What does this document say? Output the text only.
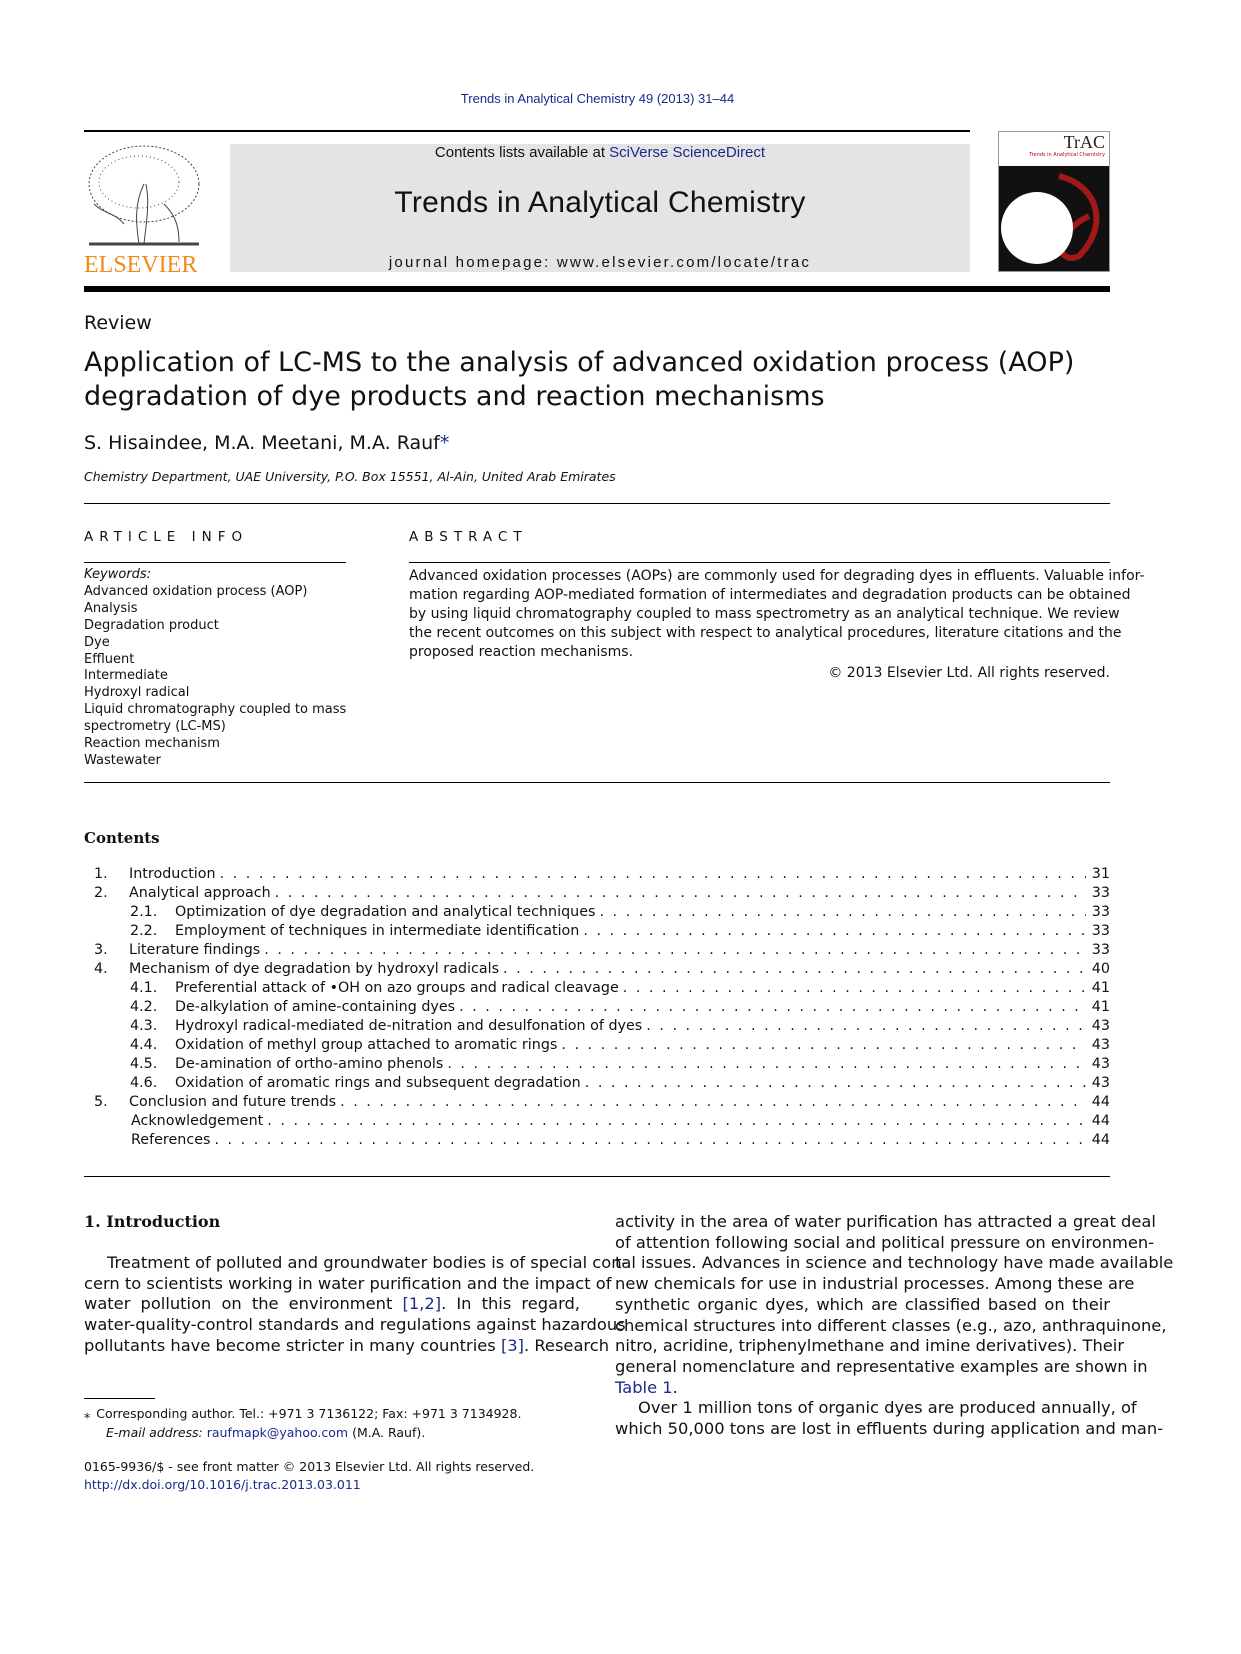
Trends in Analytical Chemistry 49 (2013) 31–44
ELSEVIER
Contents lists available at SciVerse ScienceDirect
Trends in Analytical Chemistry
journal homepage: www.elsevier.com/locate/trac
TrAC
Trends in Analytical Chemistry
Review
Application of LC-MS to the analysis of advanced oxidation process (AOP) degradation of dye products and reaction mechanisms
S. Hisaindee, M.A. Meetani, M.A. Rauf*
Chemistry Department, UAE University, P.O. Box 15551, Al-Ain, United Arab Emirates
ARTICLE INFO
Keywords:
Advanced oxidation process (AOP)
Analysis
Degradation product
Dye
Effluent
Intermediate
Hydroxyl radical
Liquid chromatography coupled to mass
spectrometry (LC-MS)
Reaction mechanism
Wastewater
ABSTRACT
Advanced oxidation processes (AOPs) are commonly used for degrading dyes in effluents. Valuable infor-
mation regarding AOP-mediated formation of intermediates and degradation products can be obtained
by using liquid chromatography coupled to mass spectrometry as an analytical technique. We review
the recent outcomes on this subject with respect to analytical procedures, literature citations and the
proposed reaction mechanisms.
© 2013 Elsevier Ltd. All rights reserved.
Contents
1.	Introduction . . .	31
2.	Analytical approach . . .	33
2.1.	Optimization of dye degradation and analytical techniques . . .	33
2.2.	Employment of techniques in intermediate identification . . .	33
3.	Literature findings . . .	33
4.	Mechanism of dye degradation by hydroxyl radicals . . .	40
4.1.	Preferential attack of •OH on azo groups and radical cleavage . . .	41
4.2.	De-alkylation of amine-containing dyes . . .	41
4.3.	Hydroxyl radical-mediated de-nitration and desulfonation of dyes . . .	43
4.4.	Oxidation of methyl group attached to aromatic rings . . .	43
4.5.	De-amination of ortho-amino phenols . . .	43
4.6.	Oxidation of aromatic rings and subsequent degradation . . .	43
5.	Conclusion and future trends . . .	44
Acknowledgement . . .	44
References . . .	44
1. Introduction
Treatment of polluted and groundwater bodies is of special con-
cern to scientists working in water purification and the impact of
water pollution on the environment [1,2]. In this regard,
water-quality-control standards and regulations against hazardous
pollutants have become stricter in many countries [3]. Research
activity in the area of water purification has attracted a great deal
of attention following social and political pressure on environmen-
tal issues. Advances in science and technology have made available
new chemicals for use in industrial processes. Among these are
synthetic organic dyes, which are classified based on their
chemical structures into different classes (e.g., azo, anthraquinone,
nitro, acridine, triphenylmethane and imine derivatives). Their
general nomenclature and representative examples are shown in
Table 1.
Over 1 million tons of organic dyes are produced annually, of
which 50,000 tons are lost in effluents during application and man-
⁎ Corresponding author. Tel.: +971 3 7136122; Fax: +971 3 7134928.
E-mail address: raufmapk@yahoo.com (M.A. Rauf).
0165-9936/$ - see front matter © 2013 Elsevier Ltd. All rights reserved.
http://dx.doi.org/10.1016/j.trac.2013.03.011
